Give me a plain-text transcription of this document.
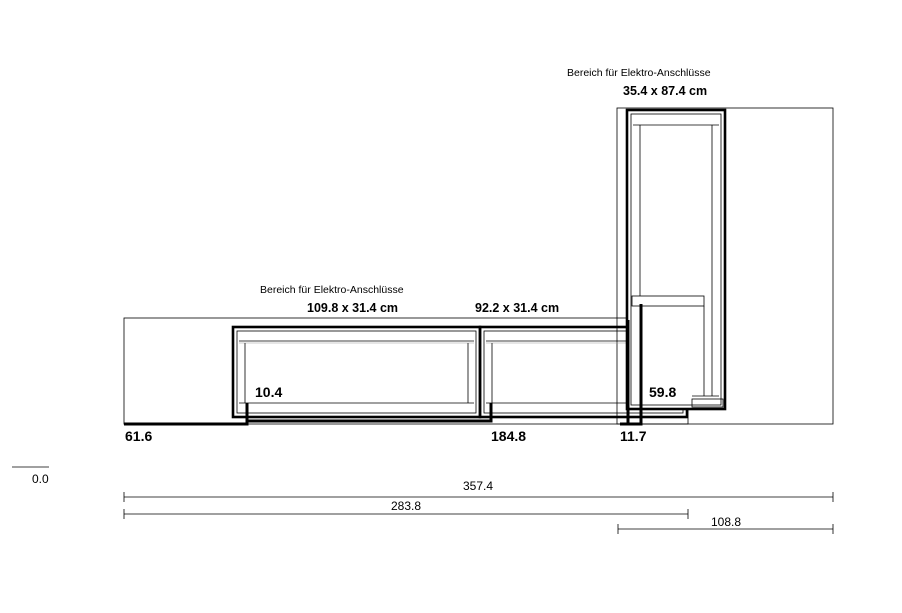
Bereich für Elektro-Anschlüsse
35.4 x 87.4 cm
Bereich für Elektro-Anschlüsse
109.8 x 31.4 cm	92.2 x 31.4 cm
61.6
10.4
184.8	11.7
59.8
0.0	357.4
283.8
108.8
